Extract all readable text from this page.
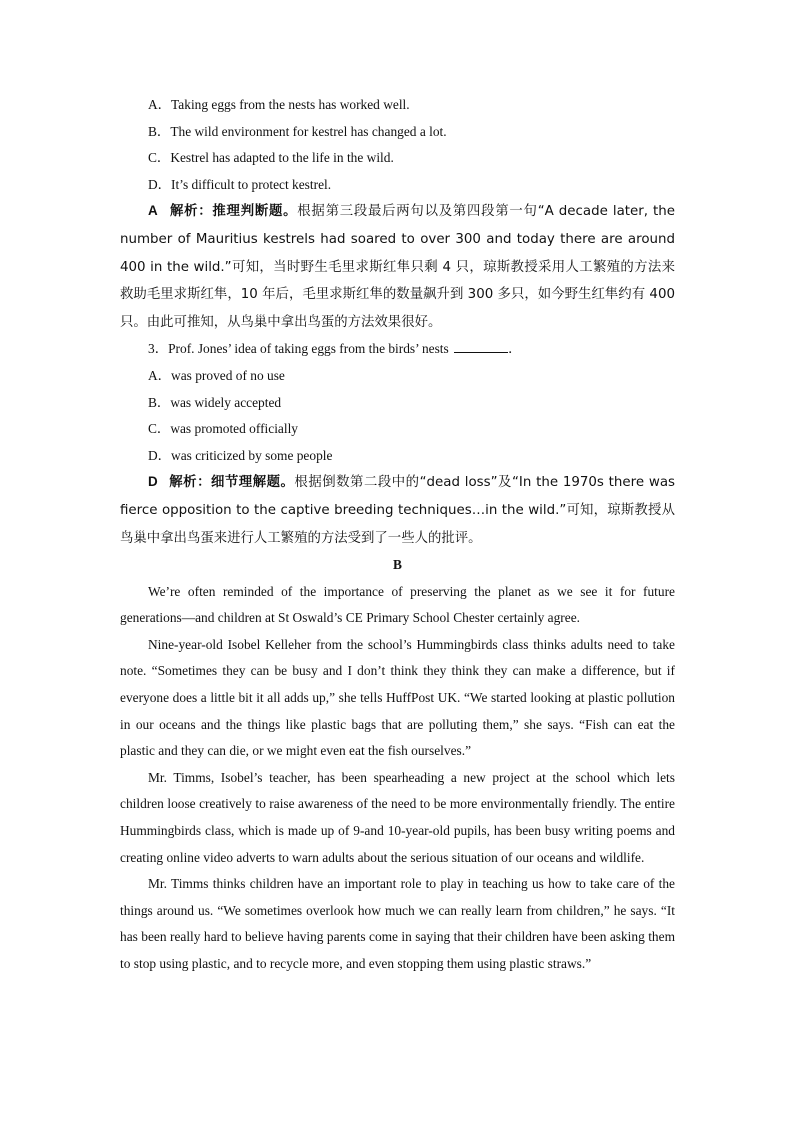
A．Taking eggs from the nests has worked well.

B．The wild environment for kestrel has changed a lot.

C．Kestrel has adapted to the life in the wild.

D．It’s difficult to protect kestrel.

A 解析：推理判断题。根据第三段最后两句以及第四段第一句“A decade later, the number of Mauritius kestrels had soared to over 300 and today there are around 400 in the wild.”可知，当时野生毛里求斯红隼只剩 4 只，琼斯教授采用人工繁殖的方法来救助毛里求斯红隼，10 年后，毛里求斯红隼的数量飙升到 300 多只，如今野生红隼约有 400 只。由此可推知，从鸟巢中拿出鸟蛋的方法效果很好。

3．Prof. Jones’ idea of taking eggs from the birds’ nests	．

A．was proved of no use

B．was widely accepted

C．was promoted officially

D．was criticized by some people

D 解析：细节理解题。根据倒数第二段中的“dead loss”及“In the 1970s there was fierce opposition to the captive breeding techniques…in the wild.”可知，琼斯教授从鸟巢中拿出鸟蛋来进行人工繁殖的方法受到了一些人的批评。

B

We’re often reminded of the importance of preserving the planet as we see it for future generations—and children at St Oswald’s CE Primary School Chester certainly agree.

Nine-year-old Isobel Kelleher from the school’s Hummingbirds class thinks adults need to take note. “Sometimes they can be busy and I don’t think they think they can make a difference, but if everyone does a little bit it all adds up,” she tells HuffPost UK. “We started looking at plastic pollution in our oceans and the things like plastic bags that are polluting them,” she says. “Fish can eat the plastic and they can die, or we might even eat the fish ourselves.”

Mr. Timms, Isobel’s teacher, has been spearheading a new project at the school which lets children loose creatively to raise awareness of the need to be more environmentally friendly. The entire Hummingbirds class, which is made up of 9-and 10-year-old pupils, has been busy writing poems and creating online video adverts to warn adults about the serious situation of our oceans and wildlife.

Mr. Timms thinks children have an important role to play in teaching us how to take care of the things around us. “We sometimes overlook how much we can really learn from children,” he says. “It has been really hard to believe having parents come in saying that their children have been asking them to stop using plastic, and to recycle more, and even stopping them using plastic straws.”
